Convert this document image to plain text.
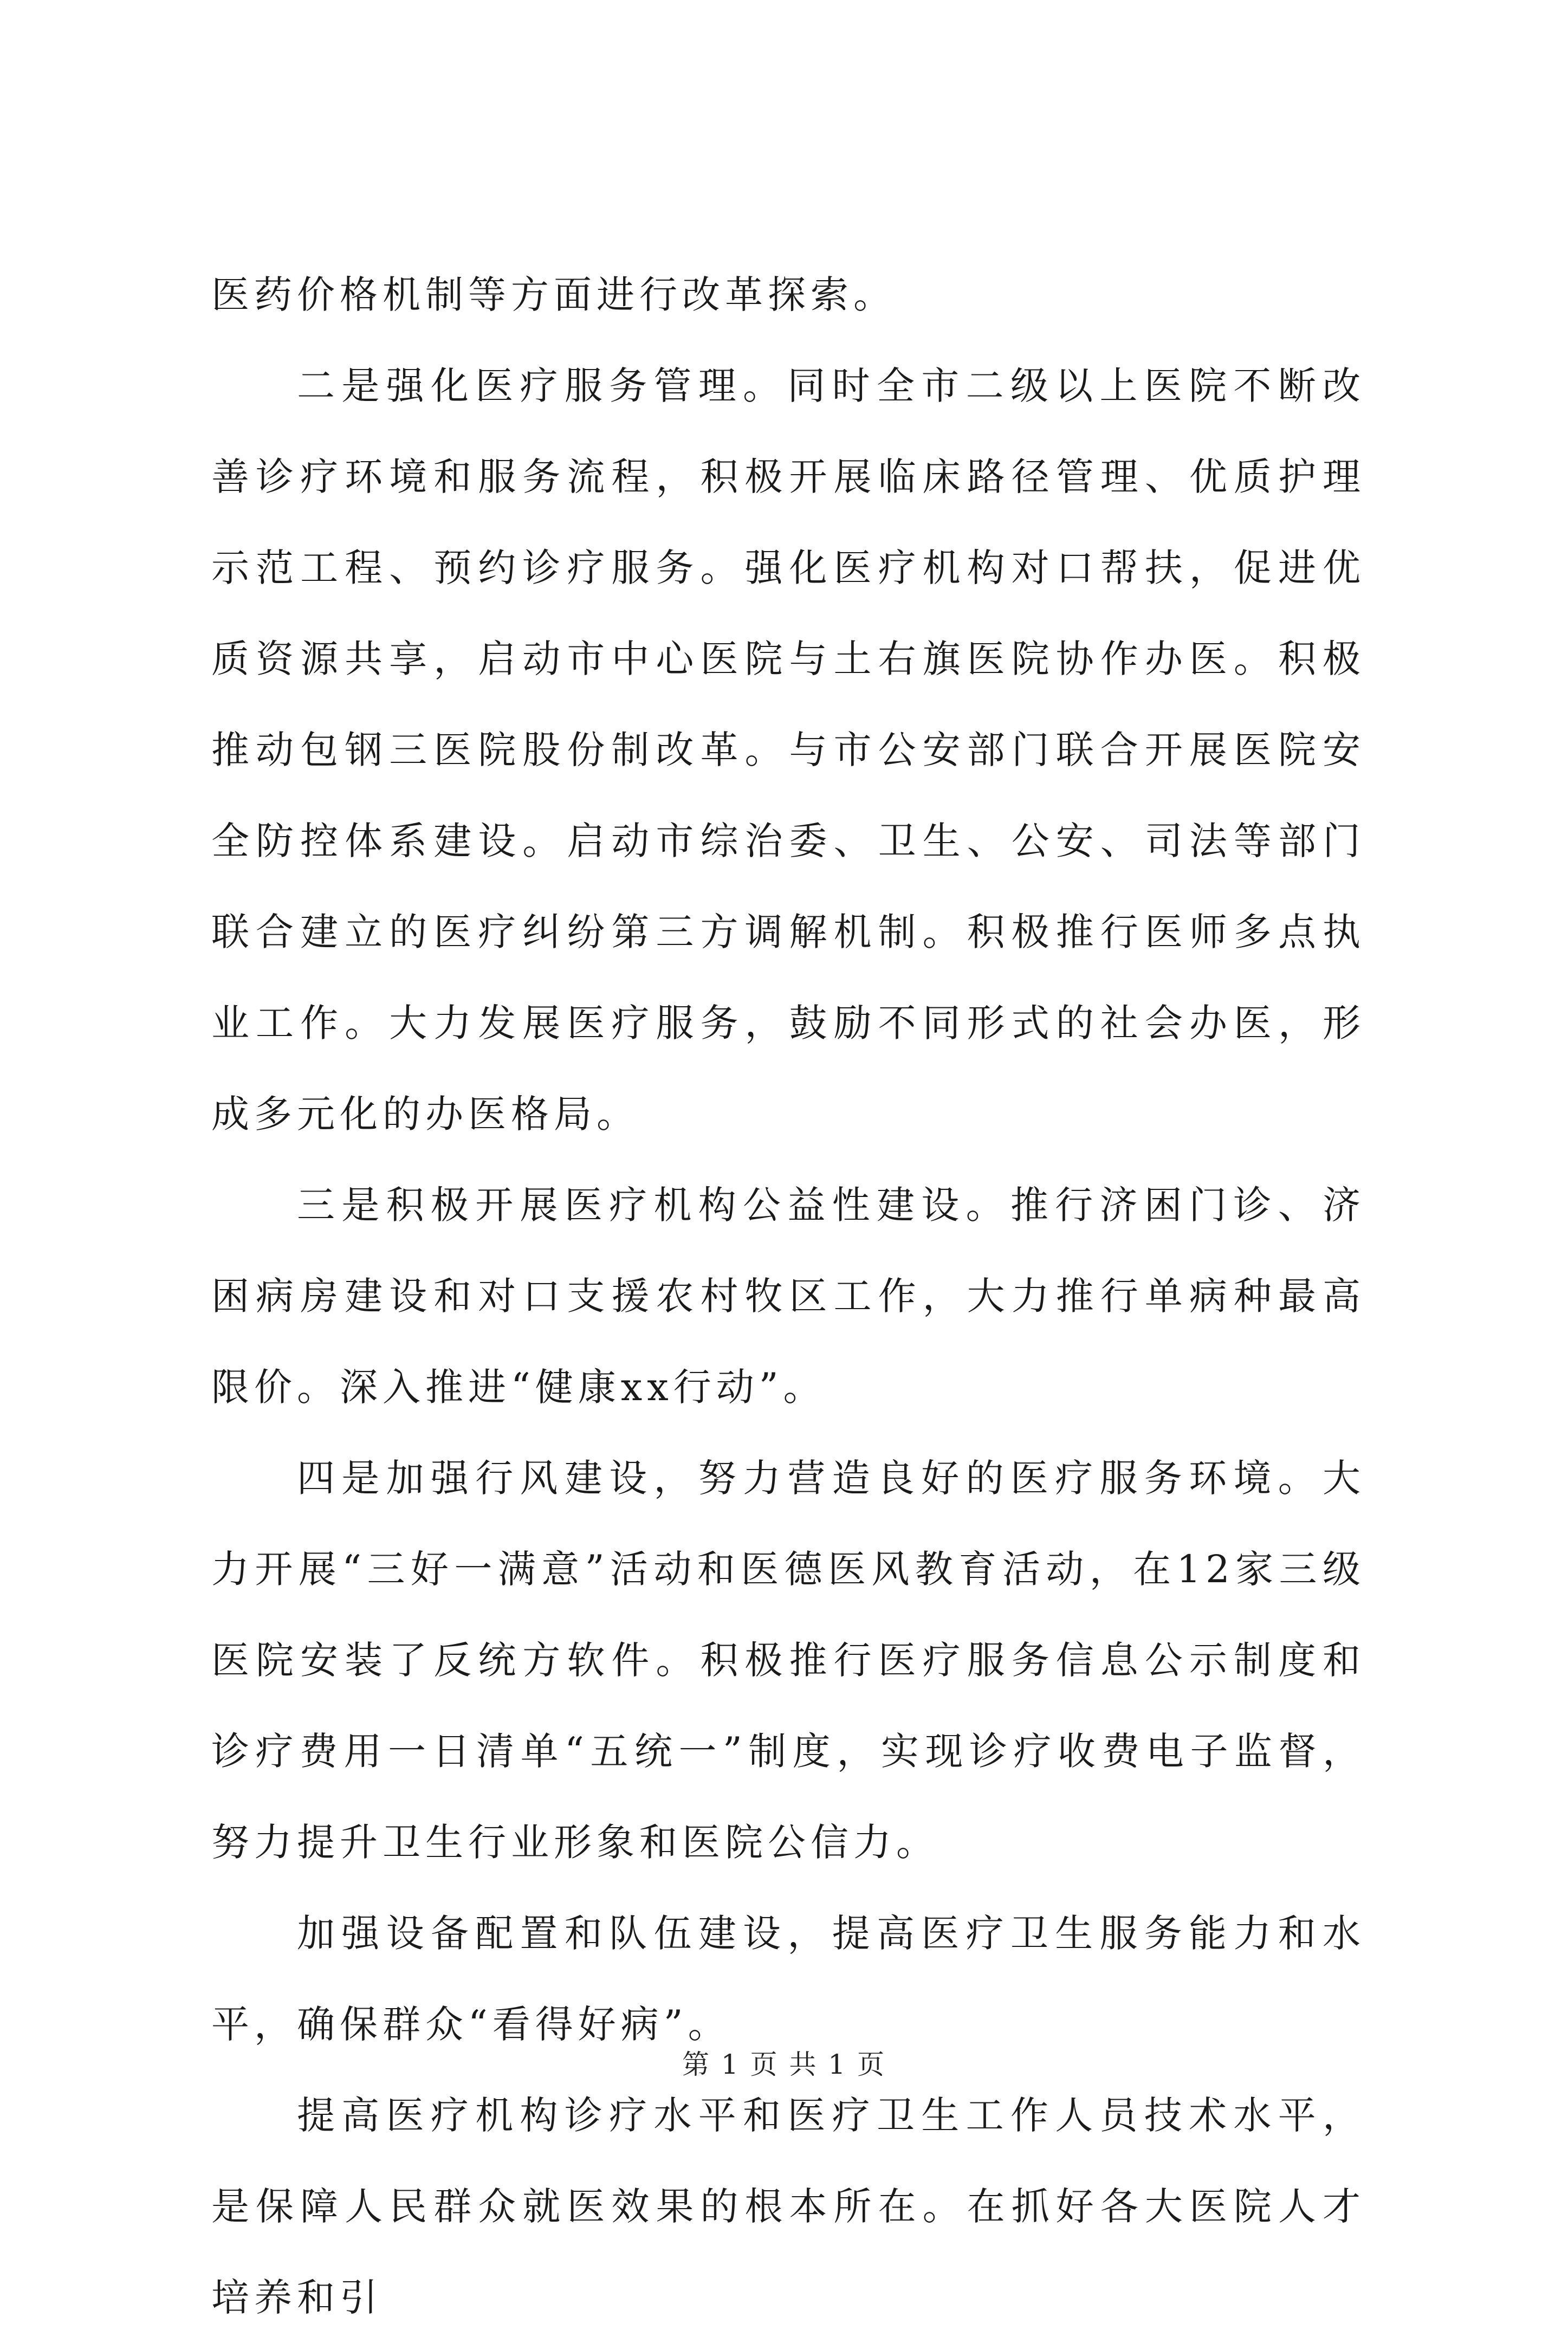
医药价格机制等方面进行改革探索。

二是强化医疗服务管理。同时全市二级以上医院不断改善诊疗环境和服务流程，积极开展临床路径管理、优质护理示范工程、预约诊疗服务。强化医疗机构对口帮扶，促进优质资源共享，启动市中心医院与土右旗医院协作办医。积极推动包钢三医院股份制改革。与市公安部门联合开展医院安全防控体系建设。启动市综治委、卫生、公安、司法等部门联合建立的医疗纠纷第三方调解机制。积极推行医师多点执业工作。大力发展医疗服务，鼓励不同形式的社会办医，形成多元化的办医格局。

三是积极开展医疗机构公益性建设。推行济困门诊、济困病房建设和对口支援农村牧区工作，大力推行单病种最高限价。深入推进“健康xx行动”。

四是加强行风建设，努力营造良好的医疗服务环境。大力开展“三好一满意”活动和医德医风教育活动，在12家三级医院安装了反统方软件。积极推行医疗服务信息公示制度和诊疗费用一日清单“五统一”制度，实现诊疗收费电子监督，努力提升卫生行业形象和医院公信力。

加强设备配置和队伍建设，提高医疗卫生服务能力和水平，确保群众“看得好病”。

提高医疗机构诊疗水平和医疗卫生工作人员技术水平，是保障人民群众就医效果的根本所在。在抓好各大医院人才培养和引

第 1 页 共 1 页
